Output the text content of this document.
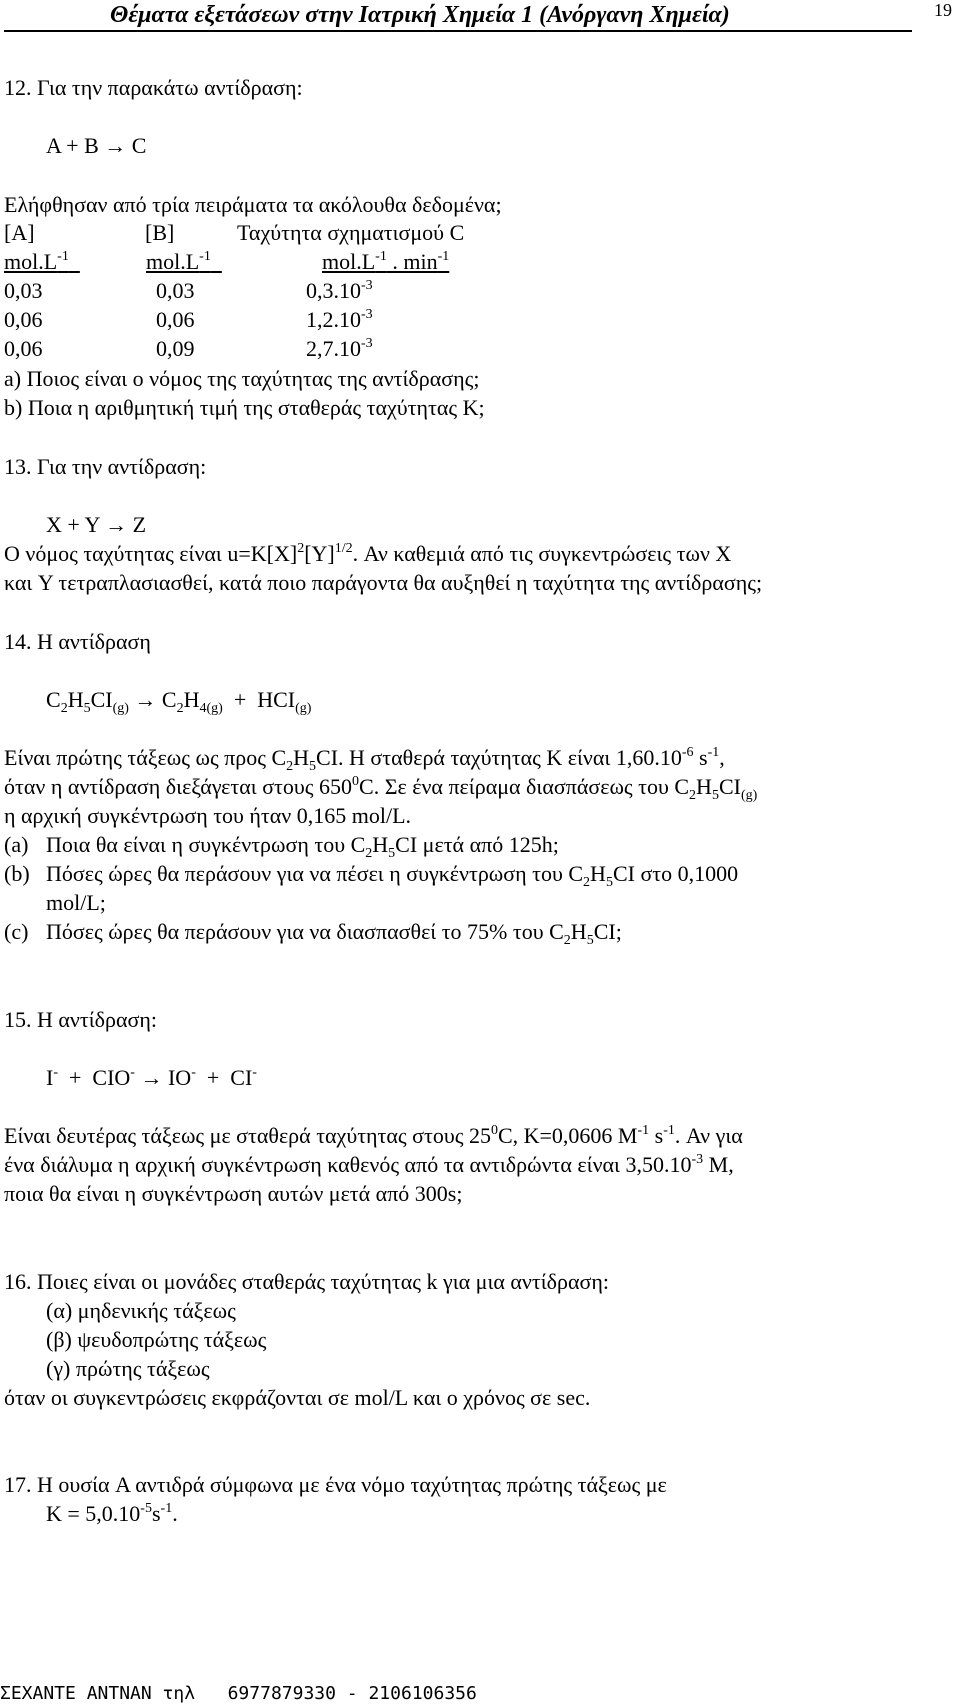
Θέματα εξετάσεων στην Ιατρική Χημεία 1 (Ανόργανη Χημεία)	19
12. Για την παρακάτω αντίδραση:
A + B → C
Ελήφθησαν από τρία πειράματα τα ακόλουθα δεδομένα;
[A]	[B]	Ταχύτητα σχηματισμού C
$mol.L^{-1}$	$mol.L^{-1}$	$mol.L^{-1}$ . $\min^{-1}$
0,03	0,03	$0,3.10^{-3}$
0,06	0,06	$1,2.10^{-3}$
0,06	0,09	$2,7.10^{-3}$
a) Ποιος είναι ο νόμος της ταχύτητας της αντίδρασης;
b) Ποια η αριθμητική τιμή της σταθεράς ταχύτητας K;
13. Για την αντίδραση:
X + Y → Z
Ο νόμος ταχύτητας είναι $u=K[X]^2[Y]^{1/2}$. Αν καθεμιά από τις συγκεντρώσεις των X
και Y τετραπλασιασθεί, κατά ποιο παράγοντα θα αυξηθεί η ταχύτητα της αντίδρασης;
14. Η αντίδραση
$C_2H_5CI_{(g)} \to C_2H_{4(g)} + HCI_{(g)}$
Είναι πρώτης τάξεως ως προς $C_2H_5CI$. Η σταθερά ταχύτητας K είναι $1,60.10^{-6}$ $s^{-1}$,
όταν η αντίδραση διεξάγεται στους $650^0C$. Σε ένα πείραμα διασπάσεως του $C_2H_5CI_{(g)}$
η αρχική συγκέντρωση του ήταν 0,165 mol/L.
(a) Ποια θα είναι η συγκέντρωση του $C_2H_5CI$ μετά από 125h;
(b) Πόσες ώρες θα περάσουν για να πέσει η συγκέντρωση του $C_2H_5CI$ στο 0,1000
mol/L;
(c) Πόσες ώρες θα περάσουν για να διασπασθεί το 75% του $C_2H_5CI$;
15. Η αντίδραση:
I-  +  CIO- → IO-  +  CI-
Είναι δευτέρας τάξεως με σταθερά ταχύτητας στους $25^0C$, K=0,0606 $M^{-1}$ $s^{-1}$. Αν για
ένα διάλυμα η αρχική συγκέντρωση καθενός από τα αντιδρώντα είναι $3,50.10^{-3}$ M,
ποια θα είναι η συγκέντρωση αυτών μετά από 300s;
16. Ποιες είναι οι μονάδες σταθεράς ταχύτητας k για μια αντίδραση:
(α) μηδενικής τάξεως
(β) ψευδοπρώτης τάξεως
(γ) πρώτης τάξεως
όταν οι συγκεντρώσεις εκφράζονται σε mol/L και ο χρόνος σε sec.
17. Η ουσία A αντιδρά σύμφωνα με ένα νόμο ταχύτητας πρώτης τάξεως με
$K = 5,0.10^{-5}s^{-1}$.
ΣΕΧΑΝΤΕ ΑΝΤΝΑΝ τηλ 6977879330 - 2106106356
